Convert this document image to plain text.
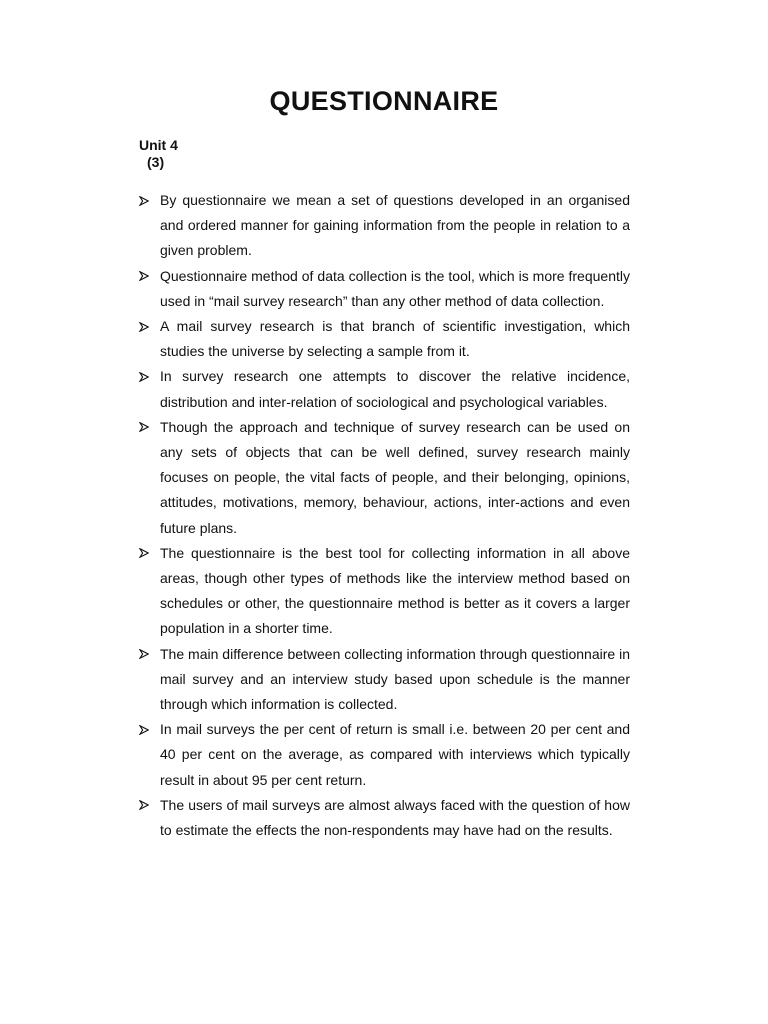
QUESTIONNAIRE
Unit 4
(3)
By questionnaire we mean a set of questions developed in an organised and ordered manner for gaining information from the people in relation to a given problem.
Questionnaire method of data collection is the tool, which is more frequently used in “mail survey research” than any other method of data collection.
A mail survey research is that branch of scientific investigation, which studies the universe by selecting a sample from it.
In survey research one attempts to discover the relative incidence, distribution and inter-relation of sociological and psychological variables.
Though the approach and technique of survey research can be used on any sets of objects that can be well defined, survey research mainly focuses on people, the vital facts of people, and their belonging, opinions, attitudes, motivations, memory, behaviour, actions, inter-actions and even future plans.
The questionnaire is the best tool for collecting information in all above areas, though other types of methods like the interview method based on schedules or other, the questionnaire method is better as it covers a larger population in a shorter time.
The main difference between collecting information through questionnaire in mail survey and an interview study based upon schedule is the manner through which information is collected.
In mail surveys the per cent of return is small i.e. between 20 per cent and 40 per cent on the average, as compared with interviews which typically result in about 95 per cent return.
The users of mail surveys are almost always faced with the question of how to estimate the effects the non-respondents may have had on the results.
